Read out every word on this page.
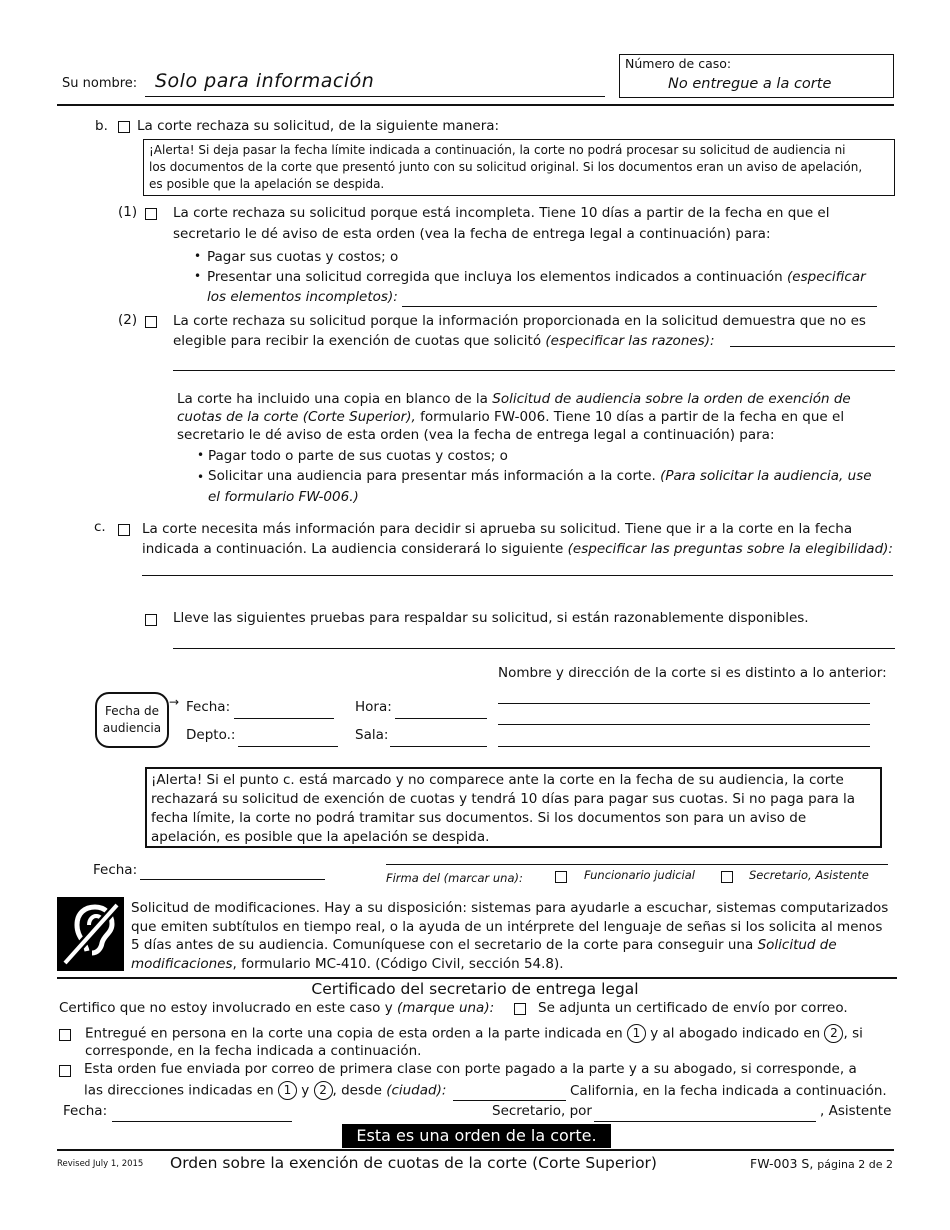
Su nombre: Solo para información
Número de caso:
No entregue a la corte
b. La corte rechaza su solicitud, de la siguiente manera:
¡Alerta! Si deja pasar la fecha límite indicada a continuación, la corte no podrá procesar su solicitud de audiencia ni
los documentos de la corte que presentó junto con su solicitud original. Si los documentos eran un aviso de apelación,
es posible que la apelación se despida.
(1)	La corte rechaza su solicitud porque está incompleta. Tiene 10 días a partir de la fecha en que el
secretario le dé aviso de esta orden (vea la fecha de entrega legal a continuación) para:
• Pagar sus cuotas y costos; o
• Presentar una solicitud corregida que incluya los elementos indicados a continuación (especificar
los elementos incompletos):
(2)	La corte rechaza su solicitud porque la información proporcionada en la solicitud demuestra que no es
elegible para recibir la exención de cuotas que solicitó (especificar las razones):
La corte ha incluido una copia en blanco de la Solicitud de audiencia sobre la orden de exención de
cuotas de la corte (Corte Superior), formulario FW-006. Tiene 10 días a partir de la fecha en que el
secretario le dé aviso de esta orden (vea la fecha de entrega legal a continuación) para:
• Pagar todo o parte de sus cuotas y costos; o
• Solicitar una audiencia para presentar más información a la corte. (Para solicitar la audiencia, use
el formulario FW-006.)
c.	La corte necesita más información para decidir si aprueba su solicitud. Tiene que ir a la corte en la fecha
indicada a continuación. La audiencia considerará lo siguiente (especificar las preguntas sobre la elegibilidad):
Lleve las siguientes pruebas para respaldar su solicitud, si están razonablemente disponibles.
Nombre y dirección de la corte si es distinto a lo anterior:
Fecha de
audiencia
→ Fecha:	Hora:
Depto.:	Sala:
¡Alerta! Si el punto c. está marcado y no comparece ante la corte en la fecha de su audiencia, la corte
rechazará su solicitud de exención de cuotas y tendrá 10 días para pagar sus cuotas. Si no paga para la
fecha límite, la corte no podrá tramitar sus documentos. Si los documentos son para un aviso de
apelación, es posible que la apelación se despida.
Fecha:	Firma del (marcar una):	Funcionario judicial	Secretario, Asistente
Solicitud de modificaciones. Hay a su disposición: sistemas para ayudarle a escuchar, sistemas computarizados
que emiten subtítulos en tiempo real, o la ayuda de un intérprete del lenguaje de señas si los solicita al menos
5 días antes de su audiencia. Comuníquese con el secretario de la corte para conseguir una Solicitud de
modificaciones, formulario MC-410. (Código Civil, sección 54.8).
Certificado del secretario de entrega legal
Certifico que no estoy involucrado en este caso y (marque una):	Se adjunta un certificado de envío por correo.
Entregué en persona en la corte una copia de esta orden a la parte indicada en 1 y al abogado indicado en 2 , si
corresponde, en la fecha indicada a continuación.
Esta orden fue enviada por correo de primera clase con porte pagado a la parte y a su abogado, si corresponde, a
las direcciones indicadas en 1 y 2 , desde (ciudad):	California, en la fecha indicada a continuación.
Fecha:	Secretario, por	, Asistente
Esta es una orden de la corte.
Revised July 1, 2015 Orden sobre la exención de cuotas de la corte (Corte Superior)	FW-003 S, página 2 de 2
